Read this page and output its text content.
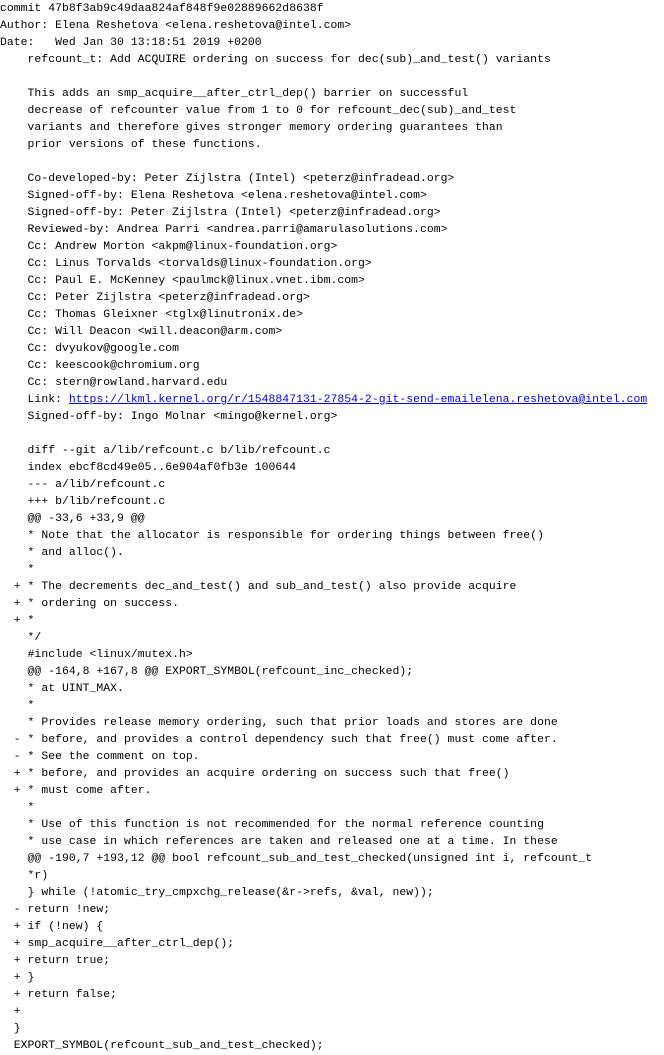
commit 47b8f3ab9c49daa824af848f9e02889662d8638f
Author: Elena Reshetova <elena.reshetova@intel.com>
Date:   Wed Jan 30 13:18:51 2019 +0200
refcount_t: Add ACQUIRE ordering on success for dec(sub)_and_test() variants
This adds an smp_acquire__after_ctrl_dep() barrier on successful
decrease of refcounter value from 1 to 0 for refcount_dec(sub)_and_test
variants and therefore gives stronger memory ordering guarantees than
prior versions of these functions.
Co-developed-by: Peter Zijlstra (Intel) <peterz@infradead.org>
Signed-off-by: Elena Reshetova <elena.reshetova@intel.com>
Signed-off-by: Peter Zijlstra (Intel) <peterz@infradead.org>
Reviewed-by: Andrea Parri <andrea.parri@amarulasolutions.com>
Cc: Andrew Morton <akpm@linux-foundation.org>
Cc: Linus Torvalds <torvalds@linux-foundation.org>
Cc: Paul E. McKenney <paulmck@linux.vnet.ibm.com>
Cc: Peter Zijlstra <peterz@infradead.org>
Cc: Thomas Gleixner <tglx@linutronix.de>
Cc: Will Deacon <will.deacon@arm.com>
Cc: dvyukov@google.com
Cc: keescook@chromium.org
Cc: stern@rowland.harvard.edu
Link: https://lkml.kernel.org/r/1548847131-27854-2-git-send-emailelena.reshetova@intel.com
Signed-off-by: Ingo Molnar <mingo@kernel.org>
diff --git a/lib/refcount.c b/lib/refcount.c
index ebcf8cd49e05..6e904af0fb3e 100644
--- a/lib/refcount.c
+++ b/lib/refcount.c
@@ -33,6 +33,9 @@
* Note that the allocator is responsible for ordering things between free()
* and alloc().
*
+ * The decrements dec_and_test() and sub_and_test() also provide acquire
+ * ordering on success.
+ *
*/
#include <linux/mutex.h>
@@ -164,8 +167,8 @@ EXPORT_SYMBOL(refcount_inc_checked);
* at UINT_MAX.
*
* Provides release memory ordering, such that prior loads and stores are done
- * before, and provides a control dependency such that free() must come after.
- * See the comment on top.
+ * before, and provides an acquire ordering on success such that free()
+ * must come after.
*
* Use of this function is not recommended for the normal reference counting
* use case in which references are taken and released one at a time. In these
@@ -190,7 +193,12 @@ bool refcount_sub_and_test_checked(unsigned int i, refcount_t
*r)
} while (!atomic_try_cmpxchg_release(&r->refs, &val, new));
- return !new;
+ if (!new) {
+ smp_acquire__after_ctrl_dep();
+ return true;
+ }
+ return false;
+
}
EXPORT_SYMBOL(refcount_sub_and_test_checked);
